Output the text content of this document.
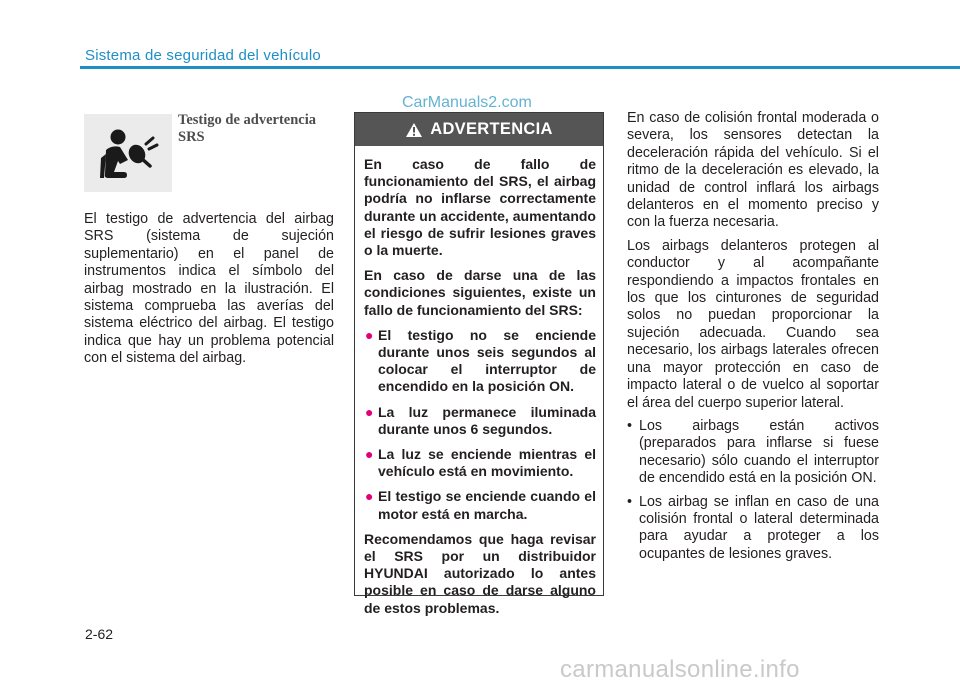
Sistema de seguridad del vehículo
CarManuals2.com
Testigo de advertencia SRS

El testigo de advertencia del airbag SRS (sistema de sujeción suplementario) en el panel de instrumentos indica el símbolo del airbag mostrado en la ilustración. El sistema comprueba las averías del sistema eléctrico del airbag. El testigo indica que hay un problema potencial con el sistema del airbag.

ADVERTENCIA

En caso de fallo de funcionamiento del SRS, el airbag podría no inflarse correctamente durante un accidente, aumentando el riesgo de sufrir lesiones graves o la muerte.

En caso de darse una de las condiciones siguientes, existe un fallo de funcionamiento del SRS:

● El testigo no se enciende durante unos seis segundos al colocar el interruptor de encendido en la posición ON.
● La luz permanece iluminada durante unos 6 segundos.
● La luz se enciende mientras el vehículo está en movimiento.
● El testigo se enciende cuando el motor está en marcha.

Recomendamos que haga revisar el SRS por un distribuidor HYUNDAI autorizado lo antes posible en caso de darse alguno de estos problemas.

En caso de colisión frontal moderada o severa, los sensores detectan la deceleración rápida del vehículo. Si el ritmo de la deceleración es elevado, la unidad de control inflará los airbags delanteros en el momento preciso y con la fuerza necesaria.

Los airbags delanteros protegen al conductor y al acompañante respondiendo a impactos frontales en los que los cinturones de seguridad solos no puedan proporcionar la sujeción adecuada. Cuando sea necesario, los airbags laterales ofrecen una mayor protección en caso de impacto lateral o de vuelco al soportar el área del cuerpo superior lateral.

• Los airbags están activos (preparados para inflarse si fuese necesario) sólo cuando el interruptor de encendido está en la posición ON.
• Los airbag se inflan en caso de una colisión frontal o lateral determinada para ayudar a proteger a los ocupantes de lesiones graves.
2-62
carmanualsonline.info
